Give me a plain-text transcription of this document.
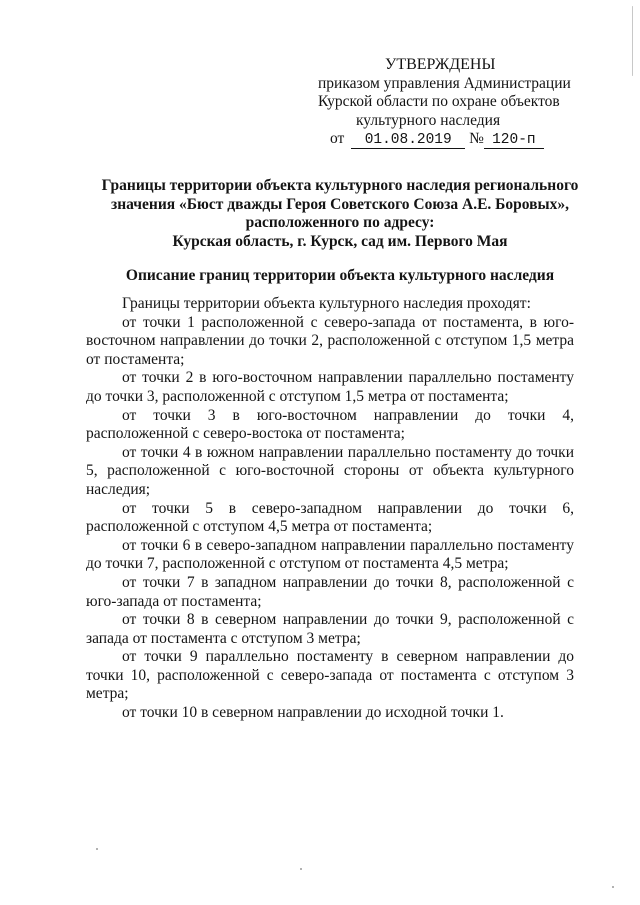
УТВЕРЖДЕНЫ
приказом управления Администрации
Курской области по охране объектов
культурного наследия
от 01.08.2019 № 120-п
Границы территории объекта культурного наследия регионального
значения «Бюст дважды Героя Советского Союза А.Е. Боровых»,
расположенного по адресу:
Курская область, г. Курск, сад им. Первого Мая
Описание границ территории объекта культурного наследия

Границы территории объекта культурного наследия проходят:

от точки 1 расположенной с северо-запада от постамента, в юго-восточном направлении до точки 2, расположенной с отступом 1,5 метра от постамента;

от точки 2 в юго-восточном направлении параллельно постаменту до точки 3, расположенной с отступом 1,5 метра от постамента;

от точки 3 в юго-восточном направлении до точки 4, расположенной с северо-востока от постамента;

от точки 4 в южном направлении параллельно постаменту до точки 5, расположенной с юго-восточной стороны от объекта культурного наследия;

от точки 5 в северо-западном направлении до точки 6, расположенной с отступом 4,5 метра от постамента;

от точки 6 в северо-западном направлении параллельно постаменту до точки 7, расположенной с отступом от постамента 4,5 метра;

от точки 7 в западном направлении до точки 8, расположенной с юго-запада от постамента;

от точки 8 в северном направлении до точки 9, расположенной с запада от постамента с отступом 3 метра;

от точки 9 параллельно постаменту в северном направлении до точки 10, расположенной с северо-запада от постамента с отступом 3 метра;

от точки 10 в северном направлении до исходной точки 1.
